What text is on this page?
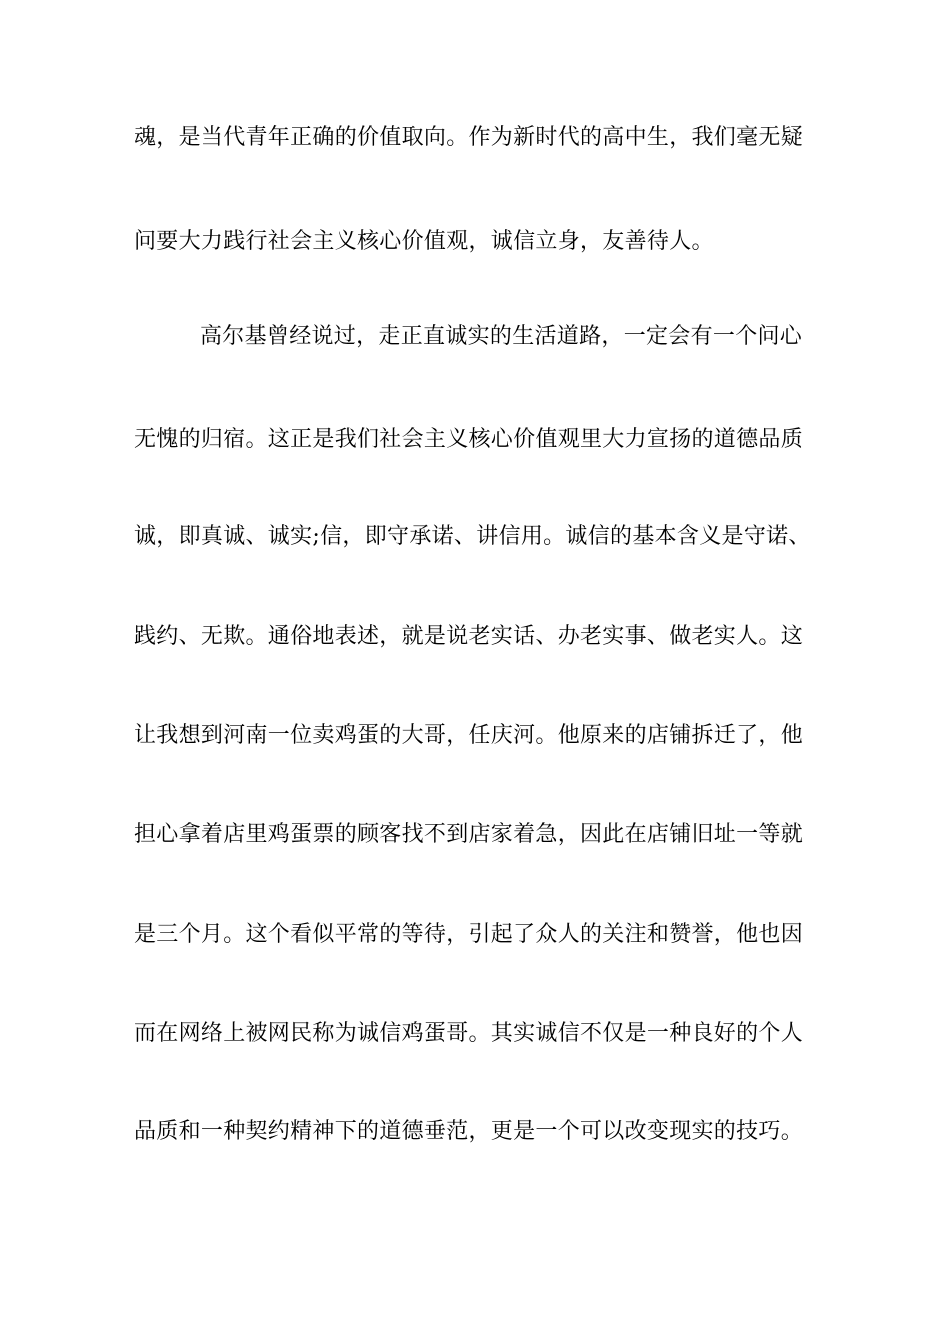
魂，是当代青年正确的价值取向。作为新时代的高中生，我们毫无疑
问要大力践行社会主义核心价值观，诚信立身，友善待人。
高尔基曾经说过，走正直诚实的生活道路，一定会有一个问心
无愧的归宿。这正是我们社会主义核心价值观里大力宣扬的道德品质
诚，即真诚、诚实;信，即守承诺、讲信用。诚信的基本含义是守诺、
践约、无欺。通俗地表述，就是说老实话、办老实事、做老实人。这
让我想到河南一位卖鸡蛋的大哥，任庆河。他原来的店铺拆迁了，他
担心拿着店里鸡蛋票的顾客找不到店家着急，因此在店铺旧址一等就
是三个月。这个看似平常的等待，引起了众人的关注和赞誉，他也因
而在网络上被网民称为诚信鸡蛋哥。其实诚信不仅是一种良好的个人
品质和一种契约精神下的道德垂范，更是一个可以改变现实的技巧。
